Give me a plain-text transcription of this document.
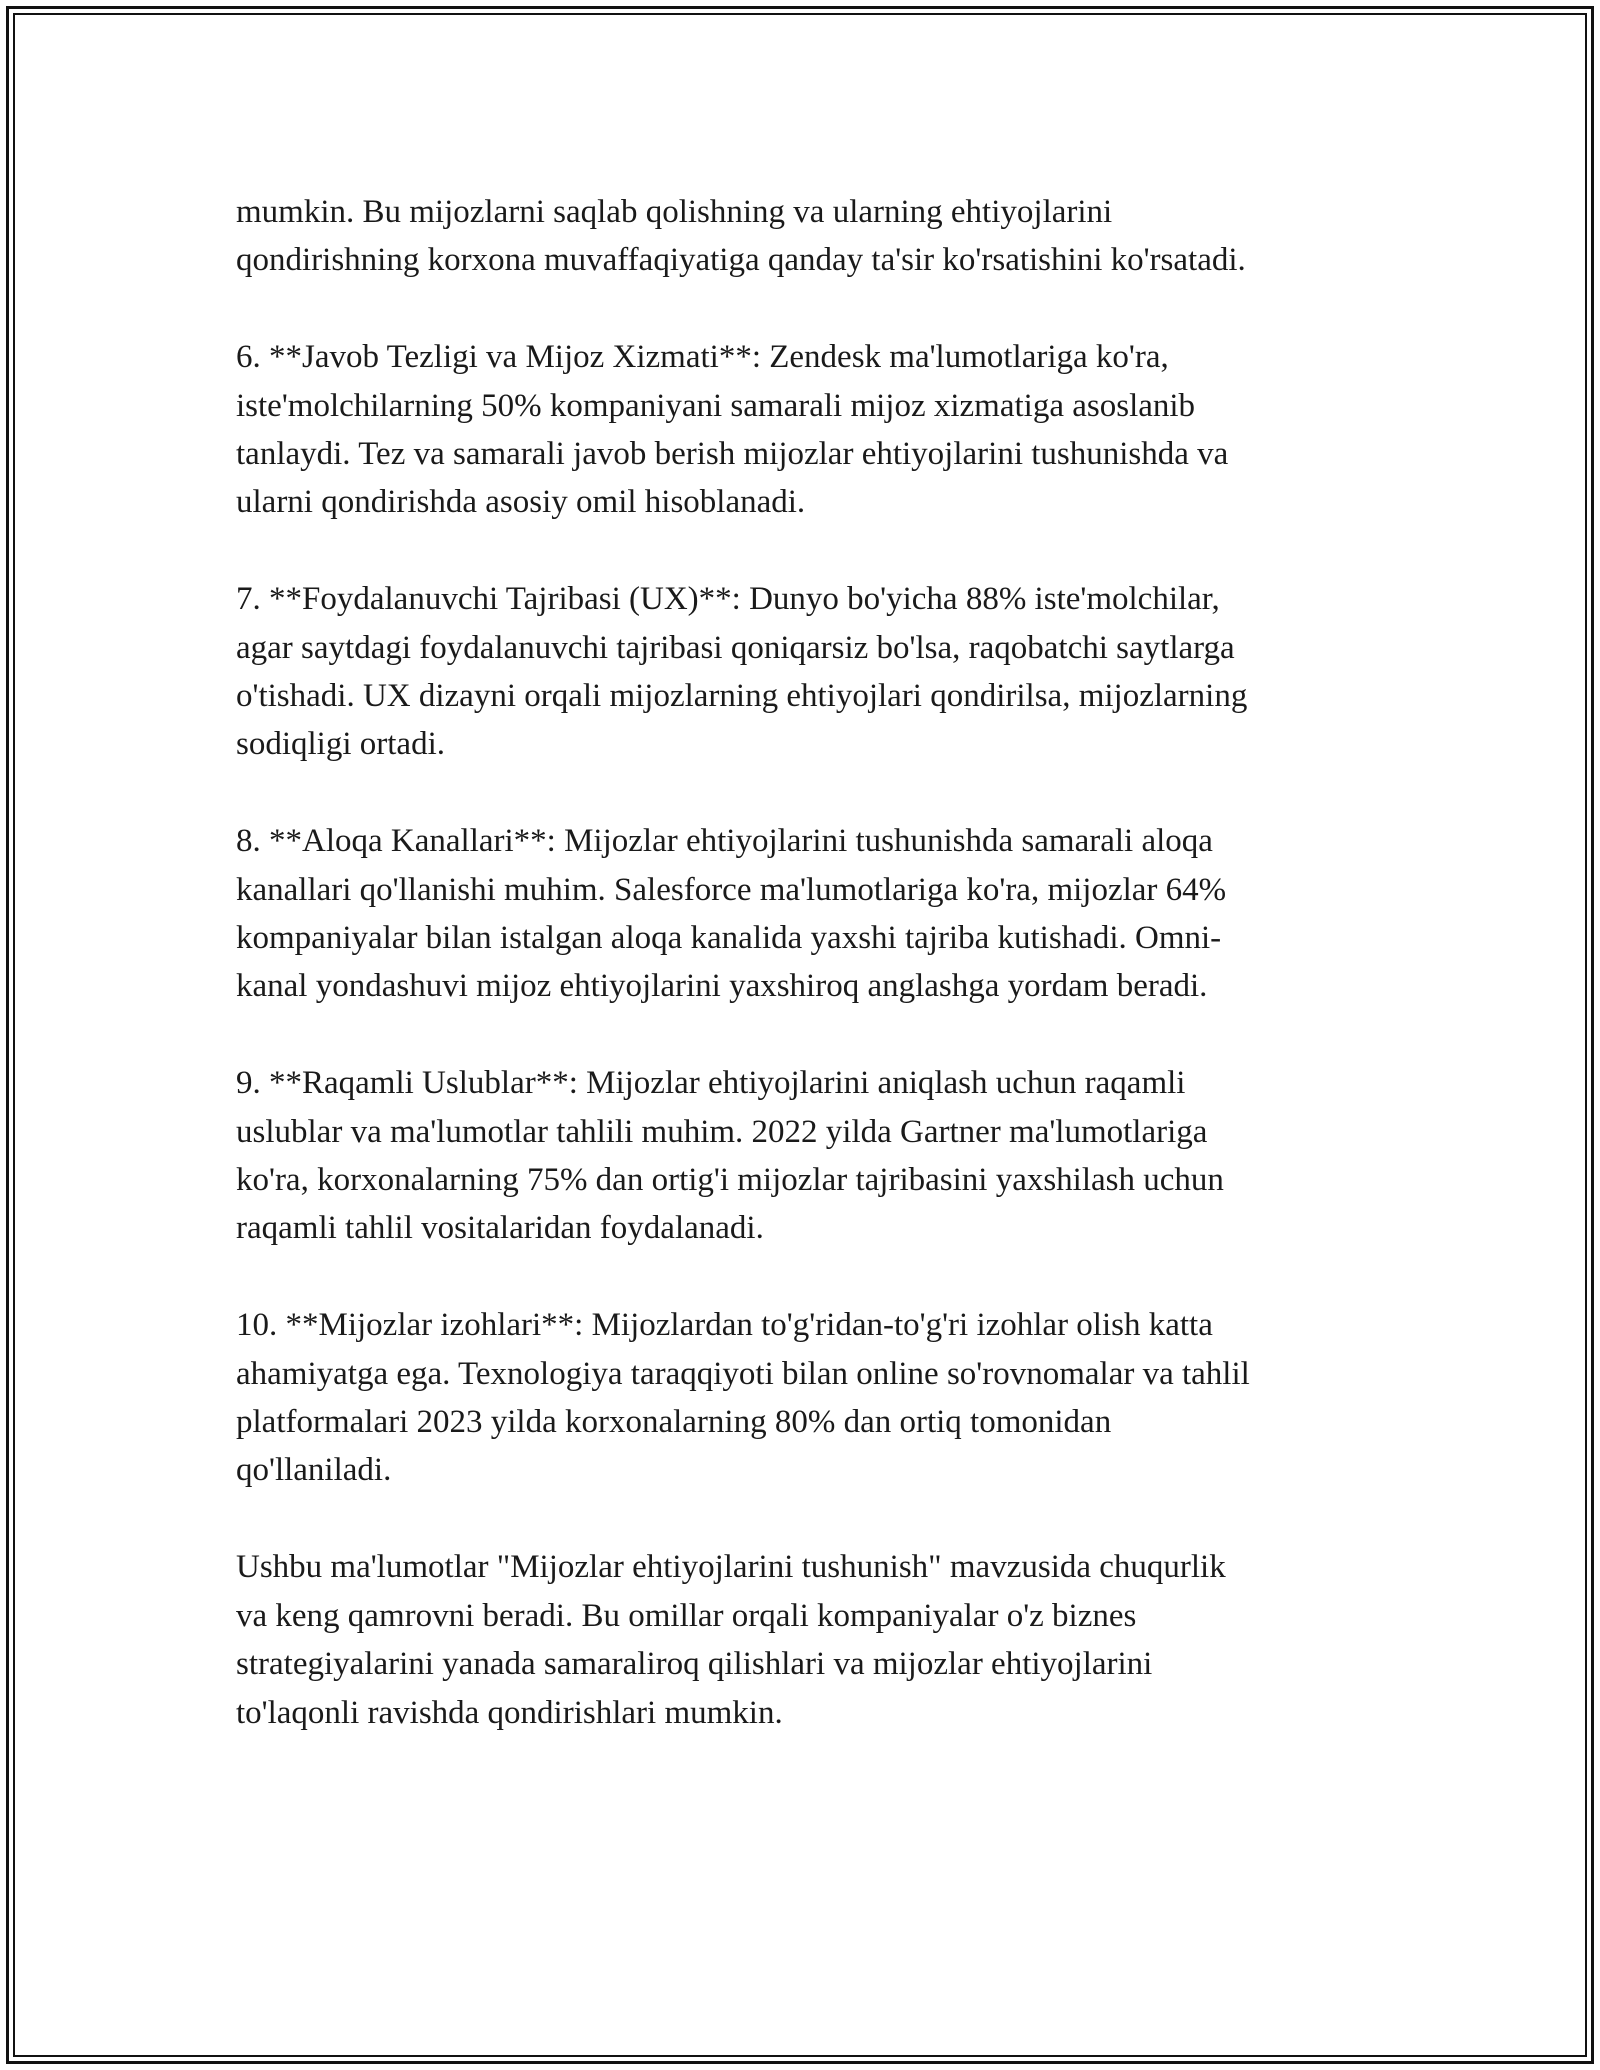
mumkin. Bu mijozlarni saqlab qolishning va ularning ehtiyojlarini
qondirishning korxona muvaffaqiyatiga qanday ta'sir ko'rsatishini ko'rsatadi.

6. **Javob Tezligi va Mijoz Xizmati**: Zendesk ma'lumotlariga ko'ra,
iste'molchilarning 50% kompaniyani samarali mijoz xizmatiga asoslanib
tanlaydi. Tez va samarali javob berish mijozlar ehtiyojlarini tushunishda va
ularni qondirishda asosiy omil hisoblanadi.

7. **Foydalanuvchi Tajribasi (UX)**: Dunyo bo'yicha 88% iste'molchilar,
agar saytdagi foydalanuvchi tajribasi qoniqarsiz bo'lsa, raqobatchi saytlarga
o'tishadi. UX dizayni orqali mijozlarning ehtiyojlari qondirilsa, mijozlarning
sodiqligi ortadi.

8. **Aloqa Kanallari**: Mijozlar ehtiyojlarini tushunishda samarali aloqa
kanallari qo'llanishi muhim. Salesforce ma'lumotlariga ko'ra, mijozlar 64%
kompaniyalar bilan istalgan aloqa kanalida yaxshi tajriba kutishadi. Omni-
kanal yondashuvi mijoz ehtiyojlarini yaxshiroq anglashga yordam beradi.

9. **Raqamli Uslublar**: Mijozlar ehtiyojlarini aniqlash uchun raqamli
uslublar va ma'lumotlar tahlili muhim. 2022 yilda Gartner ma'lumotlariga
ko'ra, korxonalarning 75% dan ortig'i mijozlar tajribasini yaxshilash uchun
raqamli tahlil vositalaridan foydalanadi.

10. **Mijozlar izohlari**: Mijozlardan to'g'ridan-to'g'ri izohlar olish katta
ahamiyatga ega. Texnologiya taraqqiyoti bilan online so'rovnomalar va tahlil
platformalari 2023 yilda korxonalarning 80% dan ortiq tomonidan
qo'llaniladi.

Ushbu ma'lumotlar "Mijozlar ehtiyojlarini tushunish" mavzusida chuqurlik
va keng qamrovni beradi. Bu omillar orqali kompaniyalar o'z biznes
strategiyalarini yanada samaraliroq qilishlari va mijozlar ehtiyojlarini
to'laqonli ravishda qondirishlari mumkin.
